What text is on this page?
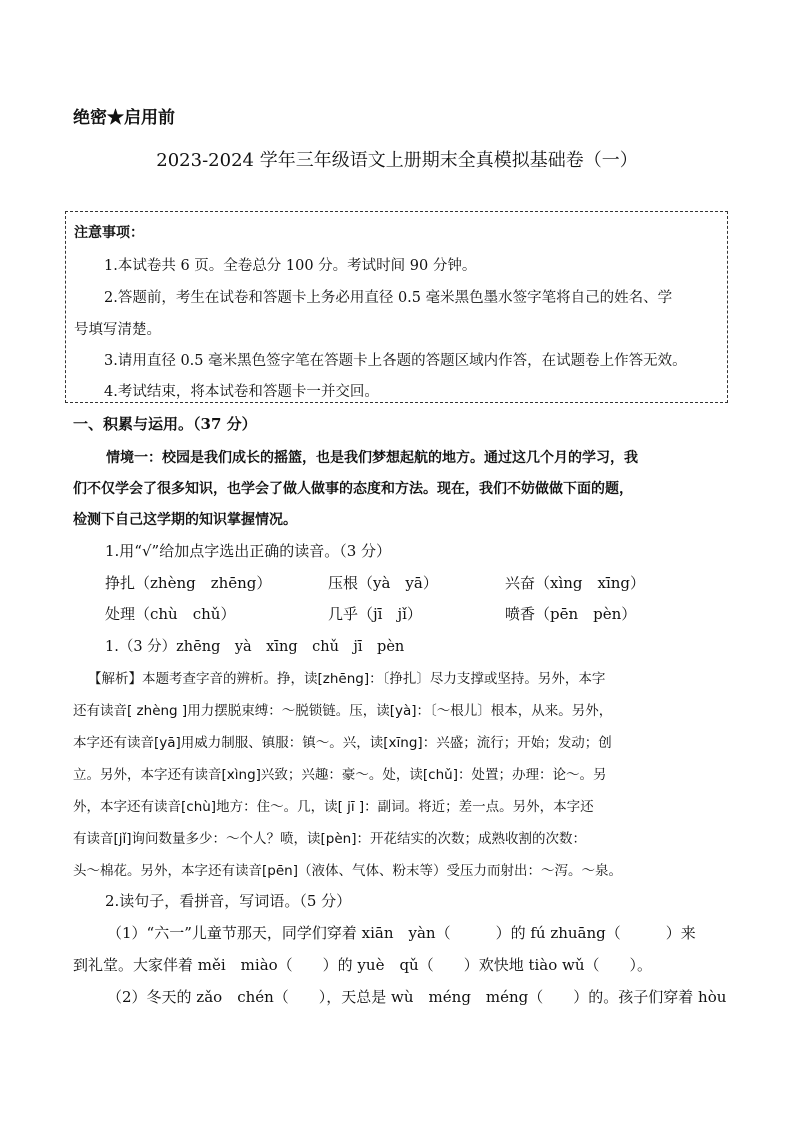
绝密★启用前
2023-2024 学年三年级语文上册期末全真模拟基础卷（一）
注意事项：
1.本试卷共 6 页。全卷总分 100 分。考试时间 90 分钟。
2.答题前，考生在试卷和答题卡上务必用直径 0.5 毫米黑色墨水签字笔将自己的姓名、学
号填写清楚。
3.请用直径 0.5 毫米黑色签字笔在答题卡上各题的答题区域内作答，在试题卷上作答无效。
4.考试结束，将本试卷和答题卡一并交回。
一、积累与运用。（37 分）
情境一：校园是我们成长的摇篮，也是我们梦想起航的地方。通过这几个月的学习，我
们不仅学会了很多知识，也学会了做人做事的态度和方法。现在，我们不妨做做下面的题，
检测下自己这学期的知识掌握情况。
1.用“√”给加点字选出正确的读音。（3 分）
挣扎（zhèng　zhēng）	压根（yà　yā）	兴奋（xìng　xīng）
处理（chù　chǔ）	几乎（jī　jǐ）	喷香（pēn　pèn）
1.（3 分）zhēng　yà　xīng　chǔ　jī　pèn
【解析】本题考查字音的辨析。挣，读[zhēng]：〔挣扎〕尽力支撑或坚持。另外，本字
还有读音[ zhèng ]用力摆脱束缚：～脱锁链。压，读[yà]：〔～根儿〕根本，从来。另外，
本字还有读音[yā]用威力制服、镇服：镇～。兴，读[xīng]：兴盛；流行；开始；发动；创
立。另外，本字还有读音[xìng]兴致；兴趣：豪～。处，读[chǔ]：处置；办理：论～。另
外，本字还有读音[chù]地方：住～。几，读[ jī ]：副词。将近；差一点。另外，本字还
有读音[jǐ]询问数量多少：～个人？喷，读[pèn]：开花结实的次数；成熟收割的次数：
头～棉花。另外，本字还有读音[pēn]（液体、气体、粉末等）受压力而射出：～泻。～泉。
2.读句子，看拼音，写词语。（5 分）
（1）“六一”儿童节那天，同学们穿着 xiān　yàn（　　　）的 fú zhuāng（　　　）来
到礼堂。大家伴着 měi　miào（　　）的 yuè　qǔ（　　）欢快地 tiào wǔ（　　）。
（2）冬天的 zǎo　chén（　　），天总是 wù　méng　méng（　　）的。孩子们穿着 hòu
